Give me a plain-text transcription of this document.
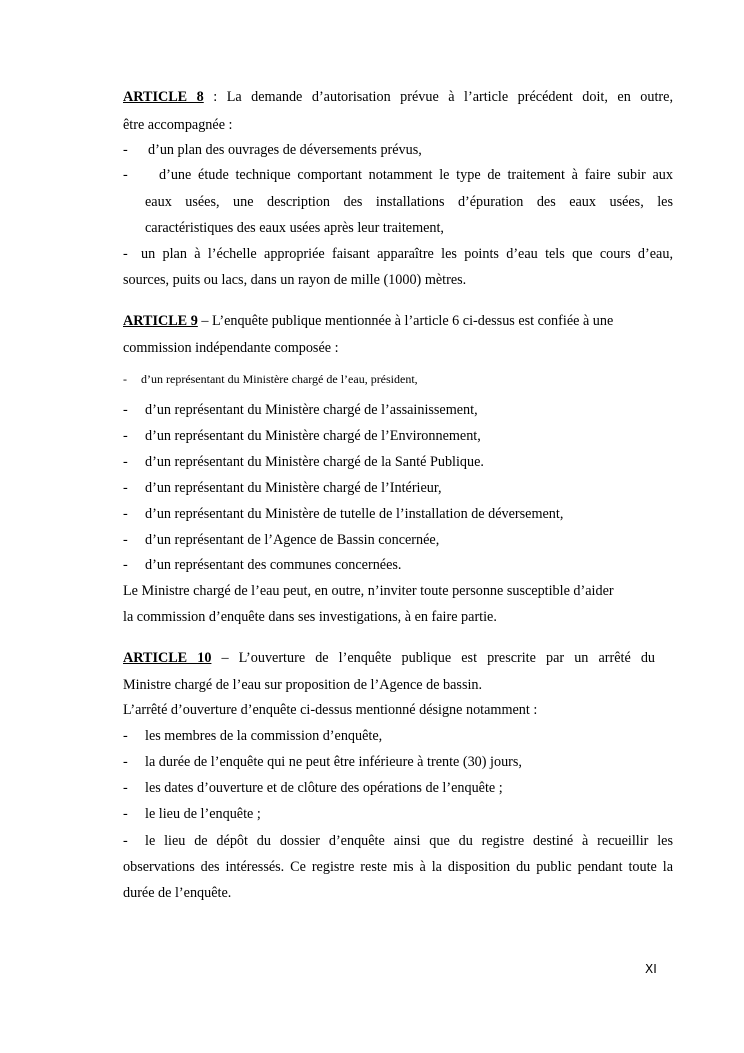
ARTICLE 8 : La demande d’autorisation prévue à l’article précédent doit, en outre,
être accompagnée :
- d’un plan des ouvrages de déversements prévus,
- d’une étude technique comportant notamment le type de traitement à faire subir aux
eaux usées, une description des installations d’épuration des eaux usées, les
caractéristiques des eaux usées après leur traitement,
- un plan à l’échelle appropriée faisant apparaître les points d’eau tels que cours d’eau,
sources, puits ou lacs, dans un rayon de mille (1000) mètres.
ARTICLE 9 – L’enquête publique mentionnée à l’article 6 ci-dessus est confiée à une
commission indépendante composée :
- d’un représentant du Ministère chargé de l’eau, président,
- d’un représentant du Ministère chargé de l’assainissement,
- d’un représentant du Ministère chargé de l’Environnement,
- d’un représentant du Ministère chargé de la Santé Publique.
- d’un représentant du Ministère chargé de l’Intérieur,
- d’un représentant du Ministère de tutelle de l’installation de déversement,
- d’un représentant de l’Agence de Bassin concernée,
- d’un représentant des communes concernées.
Le Ministre chargé de l’eau peut, en outre, n’inviter toute personne susceptible d’aider
la commission d’enquête dans ses investigations, à en faire partie.
ARTICLE 10 – L’ouverture de l’enquête publique est prescrite par un arrêté du
Ministre chargé de l’eau sur proposition de l’Agence de bassin.
L’arrêté d’ouverture d’enquête ci-dessus mentionné désigne notamment :
- les membres de la commission d’enquête,
- la durée de l’enquête qui ne peut être inférieure à trente (30) jours,
- les dates d’ouverture et de clôture des opérations de l’enquête ;
- le lieu de l’enquête ;
- le lieu de dépôt du dossier d’enquête ainsi que du registre destiné à recueillir les
observations des intéressés. Ce registre reste mis à la disposition du public pendant toute la
durée de l’enquête.
XI
